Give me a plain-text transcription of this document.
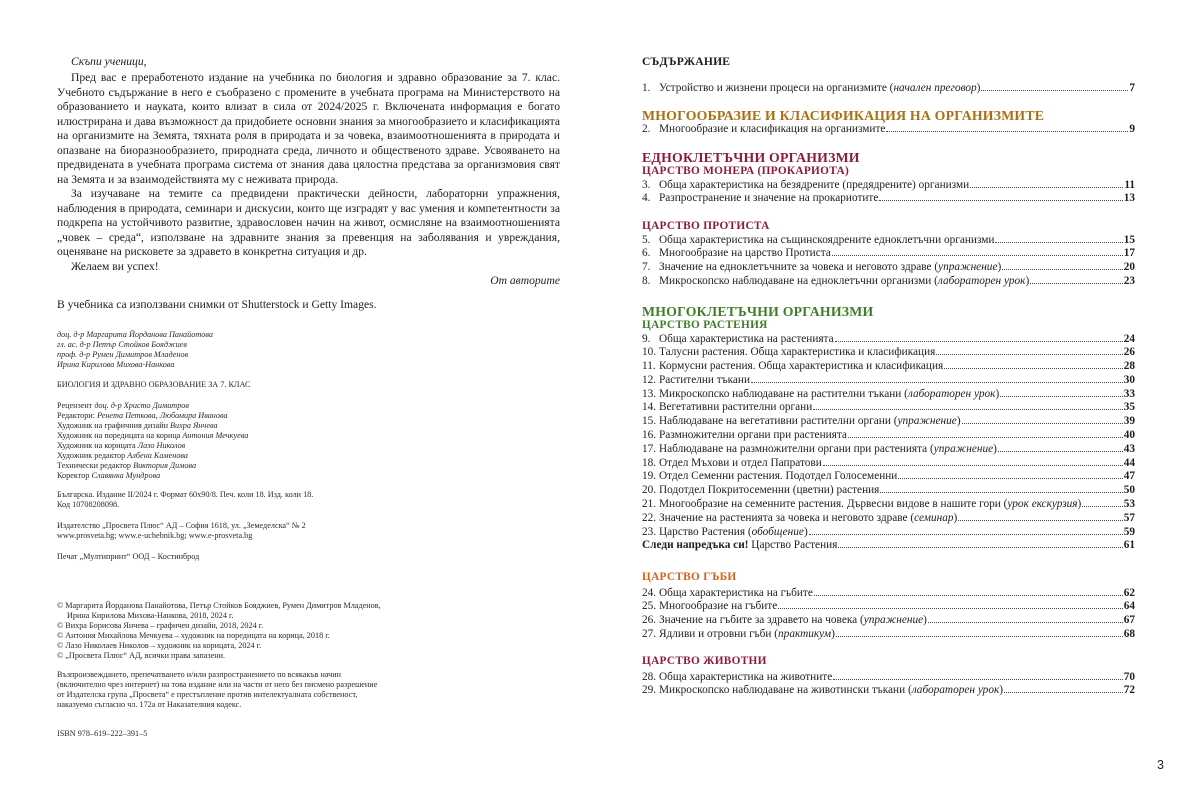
Скъпи ученици,

Пред вас е преработеното издание на учебника по биология и здравно образование за 7. клас. Учебното съдържание в него е съобразено с промените в учебната програма на Министерството на образованието и науката, които влизат в сила от 2024/2025 г. Включената информация е богато илюстрирана и дава възможност да придобиете основни знания за многообразието и класификацията на организмите на Земята, тяхната роля в природата и за човека, взаимоотношенията в природата и опазване на биоразнообразието, природната среда, личното и общественото здраве. Усвояването на предвидената в учебната програма система от знания дава цялостна представа за организмовия свят на Земята и за взаимодействията му с неживата природа.

За изучаване на темите са предвидени практически дейности, лабораторни упражнения, наблюдения в природата, семинари и дискусии, които ще изградят у вас умения и компетентности за подкрепа на устойчивото развитие, здравословен начин на живот, осмисляне на взаимоотношенията „човек – среда“, използване на здравните знания за превенция на заболявания и увреждания, оценяване на рисковете за здравето в конкретна ситуация и др.

Желаем ви успех!

От авторите

В учебника са използвани снимки от Shutterstock и Getty Images.
доц. д-р Маргарита Йорданова Панайотова
гл. ас. д-р Петър Стойков Бояджиев
проф. д-р Румен Димитров Младенов
Ирина Кирилова Михова-Нанкова
БИОЛОГИЯ И ЗДРАВНО ОБРАЗОВАНИЕ ЗА 7. КЛАС
Рецензент доц. д-р Христо Димитров
Редактори: Ренета Петкова, Любомира Иванова
Художник на графичния дизайн Вихра Янчева
Художник на поредицата на корица Антония Мечкуева
Художник на корицата Лазо Николов
Художник редактор Албена Каменова
Технически редактор Виктория Димова
Коректор Славянка Мундрова
Българска. Издание II/2024 г. Формат 60х90/8. Печ. коли 18. Изд. коли 18.
Код 10708208098.
Издателство „Просвета Плюс“ АД – София 1618, ул. „Земеделска“ № 2
www.prosveta.bg; www.e-uchebnik.bg; www.e-prosveta.bg
Печат „Мултипринт“ ООД – Костинброд
© Маргарита Йорданова Панайотова, Петър Стойков Бояджиев, Румен Димитров Младенов,
Ирина Кирилова Михова-Нанкова, 2018, 2024 г.
© Вихра Борисова Янчева – графичен дизайн, 2018, 2024 г.
© Антония Михайлова Мечкуева – художник на поредицата на корица, 2018 г.
© Лазо Николаев Николов – художник на корицата, 2024 г.
© „Просвета Плюс“ АД, всички права запазени.
Възпроизвеждането, препечатването и/или разпространението по всякакъв начин
(включително чрез интернет) на това издание или на части от него без писмено разрешение
от Издателска група „Просвета“ е престъпление против интелектуалната собственост,
наказуемо съгласно чл. 172а от Наказателния кодекс.
ISBN 978–619–222–391–5
СЪДЪРЖАНИЕ
1. Устройство и жизнени процеси на организмите (начален преговор)	7
МНОГООБРАЗИЕ И КЛАСИФИКАЦИЯ НА ОРГАНИЗМИТЕ
2. Многообразие и класификация на организмите	9
ЕДНОКЛЕТЪЧНИ ОРГАНИЗМИ
ЦАРСТВО МОНЕРА (ПРОКАРИОТА)
3. Обща характеристика на безядрените (предядрените) организми	11
4. Разпространение и значение на прокариотите	13
ЦАРСТВО ПРОТИСТА
5. Обща характеристика на същинскоядрените едноклетъчни организми	15
6. Многообразие на царство Протиста	17
7. Значение на едноклетъчните за човека и неговото здраве (упражнение)	20
8. Микроскопско наблюдаване на едноклетъчни организми (лабораторен урок)	23
МНОГОКЛЕТЪЧНИ ОРГАНИЗМИ
ЦАРСТВО РАСТЕНИЯ
9. Обща характеристика на растенията	24
10. Талусни растения. Обща характеристика и класификация	26
11. Кормусни растения. Обща характеристика и класификация	28
12. Растителни тъкани	30
13. Микроскопско наблюдаване на растителни тъкани (лабораторен урок)	33
14. Вегетативни растителни органи	35
15. Наблюдаване на вегетативни растителни органи (упражнение)	39
16. Размножителни органи при растенията	40
17. Наблюдаване на размножителни органи при растенията (упражнение)	43
18. Отдел Мъхови и отдел Папратови	44
19. Отдел Семенни растения. Подотдел Голосеменни	47
20. Подотдел Покритосеменни (цветни) растения	50
21. Многообразие на семенните растения. Дървесни видове в нашите гори (урок екскурзия)	53
22. Значение на растенията за човека и неговото здраве (семинар)	57
23. Царство Растения (обобщение)	59
Следи напредъка си! Царство Растения	61
ЦАРСТВО ГЪБИ
24. Обща характеристика на гъбите	62
25. Многообразие на гъбите	64
26. Значение на гъбите за здравето на човека (упражнение)	67
27. Ядливи и отровни гъби (практикум)	68
ЦАРСТВО ЖИВОТНИ
28. Обща характеристика на животните	70
29. Микроскопско наблюдаване на животински тъкани (лабораторен урок)	72
3
